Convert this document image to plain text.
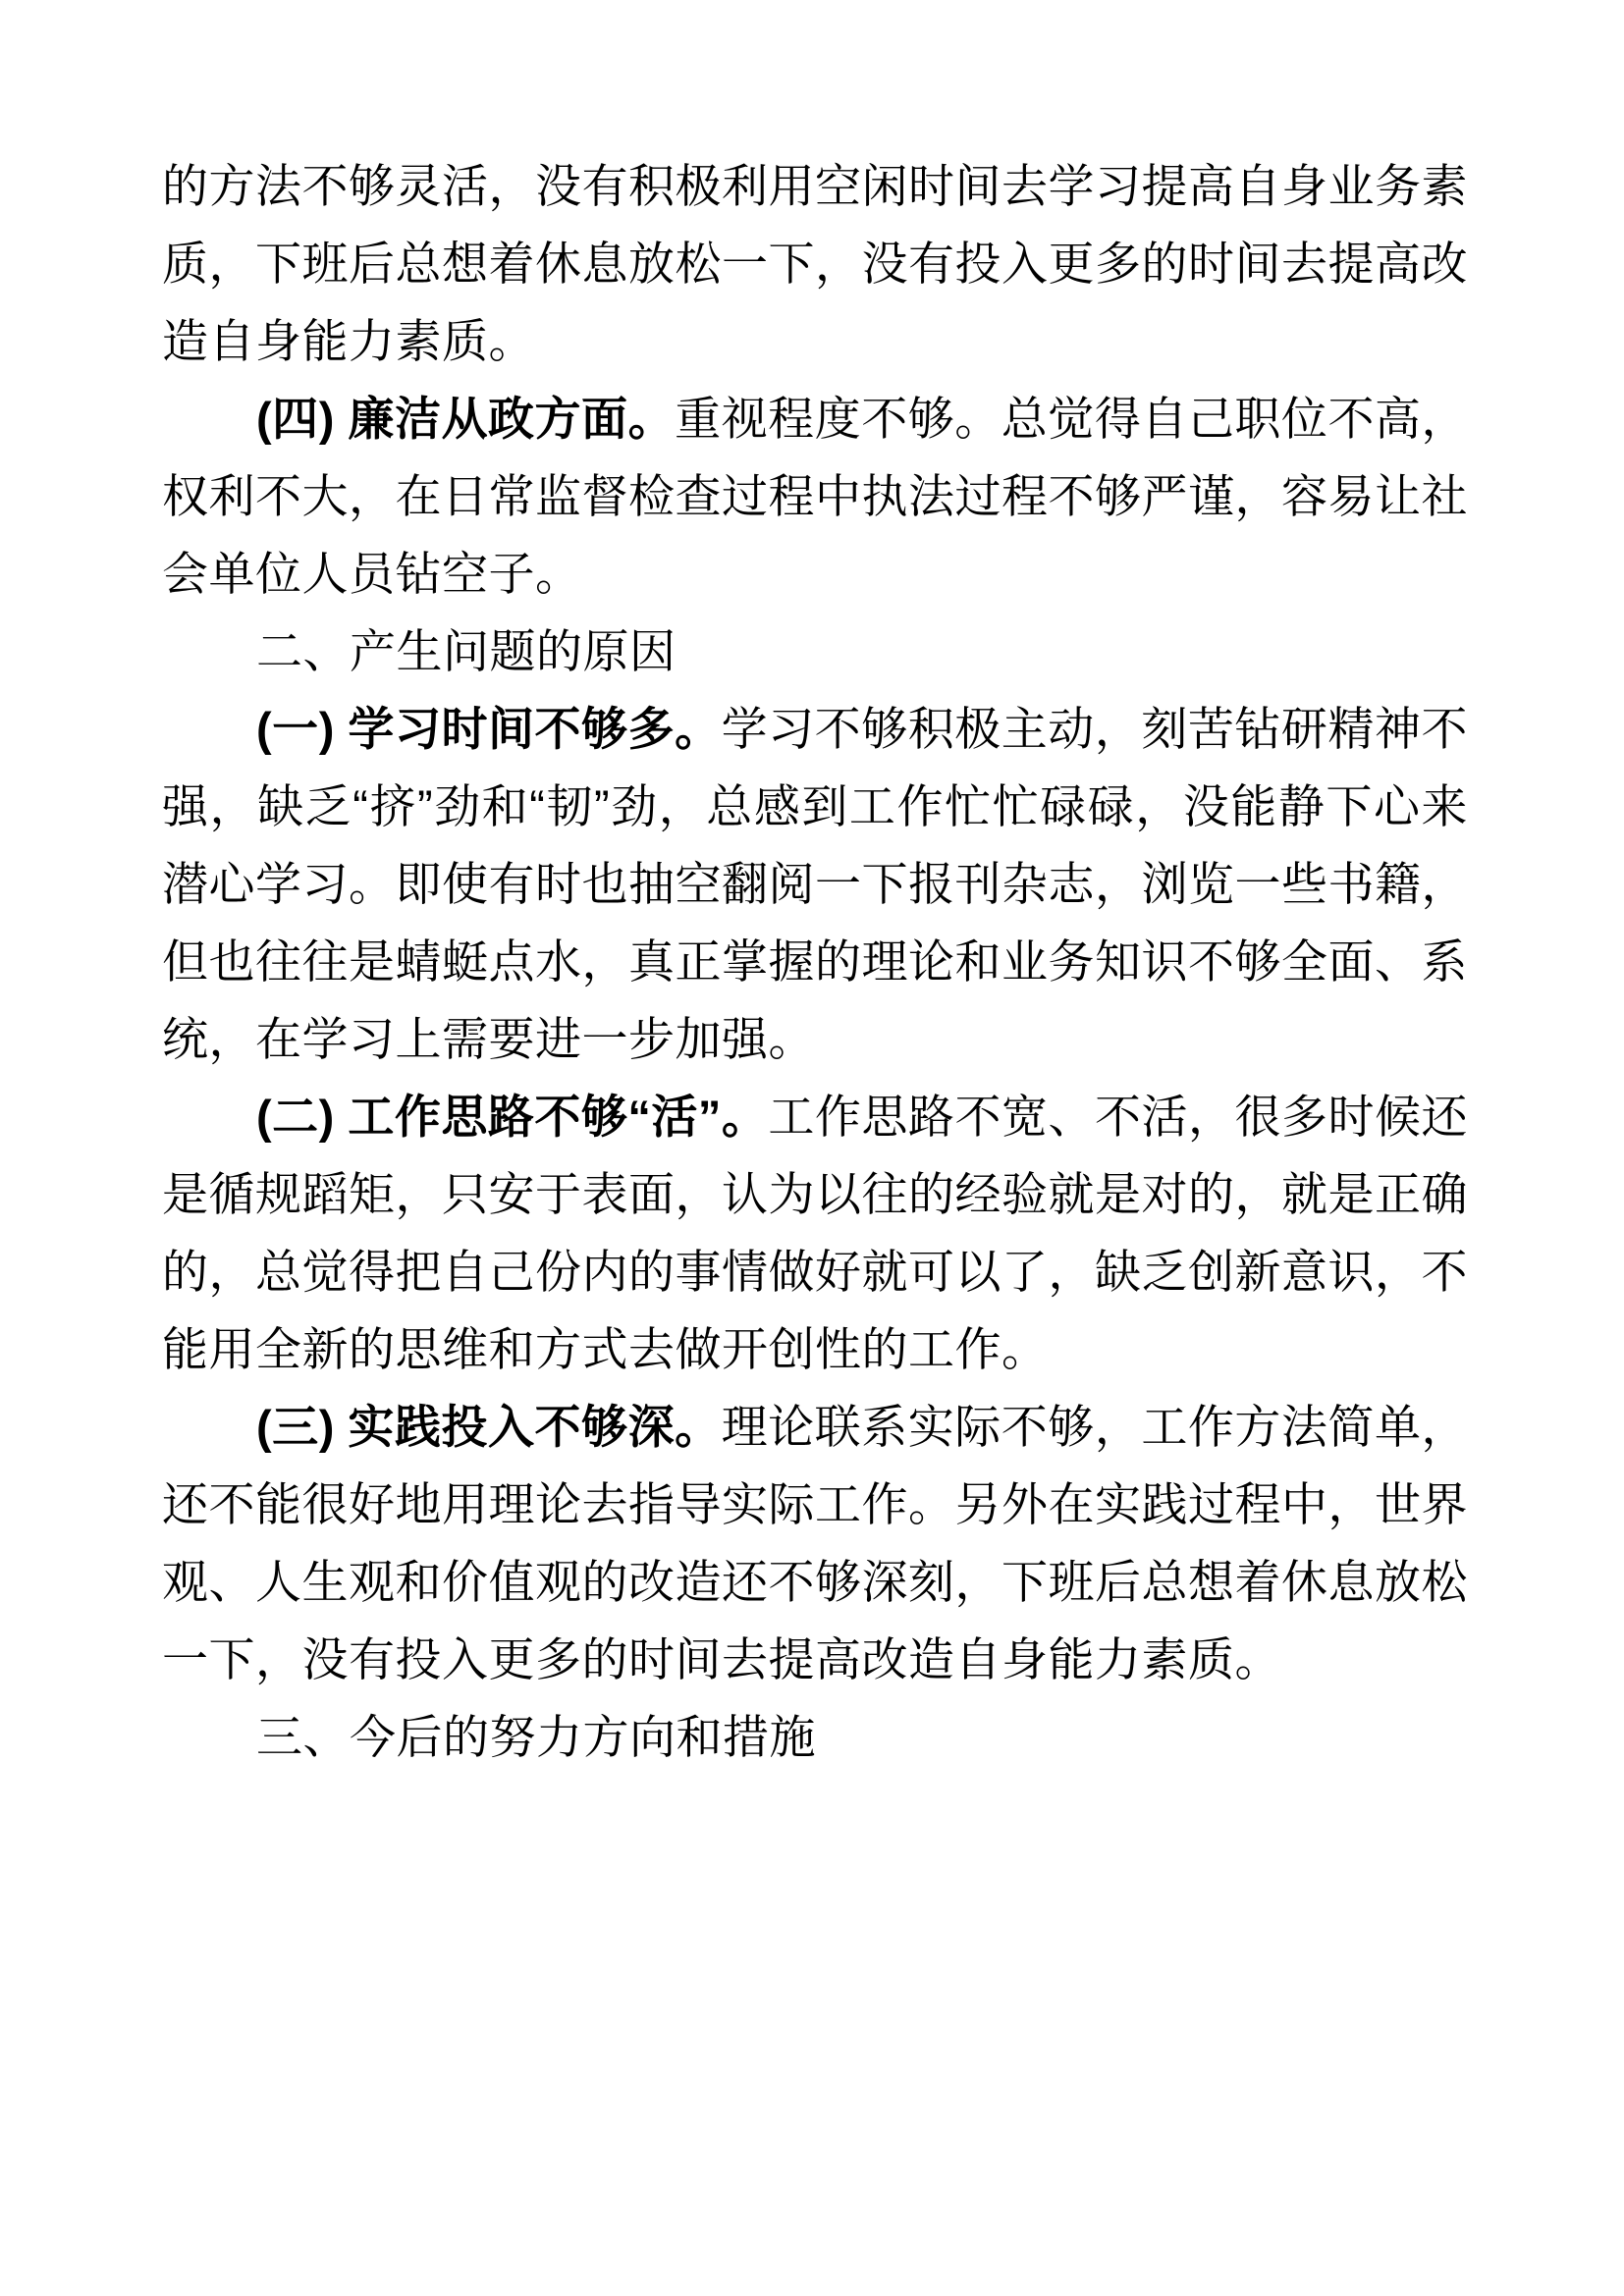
的方法不够灵活，没有积极利用空闲时间去学习提高自身业务素质，下班后总想着休息放松一下，没有投入更多的时间去提高改造自身能力素质。

(四) 廉洁从政方面。重视程度不够。总觉得自己职位不高，权利不大，在日常监督检查过程中执法过程不够严谨，容易让社会单位人员钻空子。

二、产生问题的原因

(一) 学习时间不够多。学习不够积极主动，刻苦钻研精神不强，缺乏“挤”劲和“韧”劲，总感到工作忙忙碌碌，没能静下心来潜心学习。即使有时也抽空翻阅一下报刊杂志，浏览一些书籍，但也往往是蜻蜓点水，真正掌握的理论和业务知识不够全面、系统，在学习上需要进一步加强。

(二) 工作思路不够“活”。工作思路不宽、不活，很多时候还是循规蹈矩，只安于表面，认为以往的经验就是对的，就是正确的，总觉得把自己份内的事情做好就可以了，缺乏创新意识，不能用全新的思维和方式去做开创性的工作。

(三) 实践投入不够深。理论联系实际不够，工作方法简单，还不能很好地用理论去指导实际工作。另外在实践过程中，世界观、人生观和价值观的改造还不够深刻，下班后总想着休息放松一下，没有投入更多的时间去提高改造自身能力素质。

三、今后的努力方向和措施
